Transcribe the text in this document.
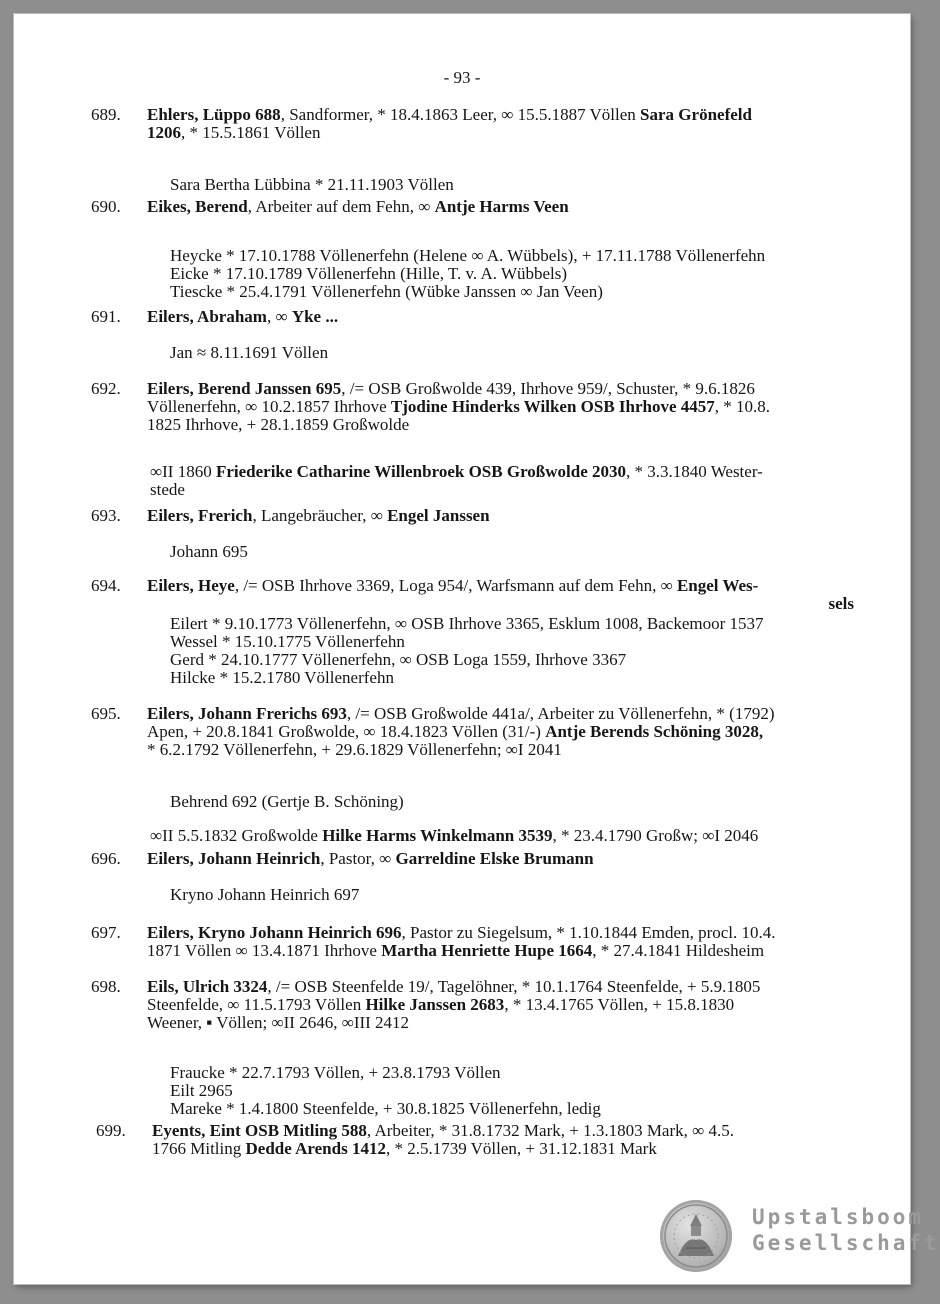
- 93 -
689. Ehlers, Lüppo 688, Sandformer, * 18.4.1863 Leer, ∞ 15.5.1887 Völlen Sara Grönefeld
1206, * 15.5.1861 Völlen
Sara Bertha Lübbina * 21.11.1903 Völlen
690. Eikes, Berend, Arbeiter auf dem Fehn, ∞ Antje Harms Veen
Heycke * 17.10.1788 Völlenerfehn (Helene ∞ A. Wübbels), + 17.11.1788 Völlenerfehn
Eicke * 17.10.1789 Völlenerfehn (Hille, T. v. A. Wübbels)
Tiescke * 25.4.1791 Völlenerfehn (Wübke Janssen ∞ Jan Veen)
691. Eilers, Abraham, ∞ Yke ...
Jan ≈ 8.11.1691 Völlen
692. Eilers, Berend Janssen 695, /= OSB Großwolde 439, Ihrhove 959/, Schuster, * 9.6.1826
Völlenerfehn, ∞ 10.2.1857 Ihrhove Tjodine Hinderks Wilken OSB Ihrhove 4457, * 10.8.
1825 Ihrhove, + 28.1.1859 Großwolde
∞II 1860 Friederike Catharine Willenbroek OSB Großwolde 2030, * 3.3.1840 Wester-
stede
693. Eilers, Frerich, Langebräucher, ∞ Engel Janssen
Johann 695
694. Eilers, Heye, /= OSB Ihrhove 3369, Loga 954/, Warfsmann auf dem Fehn, ∞ Engel Wes-
sels
Eilert * 9.10.1773 Völlenerfehn, ∞ OSB Ihrhove 3365, Esklum 1008, Backemoor 1537
Wessel * 15.10.1775 Völlenerfehn
Gerd * 24.10.1777 Völlenerfehn, ∞ OSB Loga 1559, Ihrhove 3367
Hilcke * 15.2.1780 Völlenerfehn
695. Eilers, Johann Frerichs 693, /= OSB Großwolde 441a/, Arbeiter zu Völlenerfehn, * (1792)
Apen, + 20.8.1841 Großwolde, ∞ 18.4.1823 Völlen (31/-) Antje Berends Schöning 3028,
* 6.2.1792 Völlenerfehn, + 29.6.1829 Völlenerfehn; ∞I 2041
Behrend 692 (Gertje B. Schöning)
∞II 5.5.1832 Großwolde Hilke Harms Winkelmann 3539, * 23.4.1790 Großw; ∞I 2046
696. Eilers, Johann Heinrich, Pastor, ∞ Garreldine Elske Brumann
Kryno Johann Heinrich 697
697. Eilers, Kryno Johann Heinrich 696, Pastor zu Siegelsum, * 1.10.1844 Emden, procl. 10.4.
1871 Völlen ∞ 13.4.1871 Ihrhove Martha Henriette Hupe 1664, * 27.4.1841 Hildesheim
698. Eils, Ulrich 3324, /= OSB Steenfelde 19/, Tagelöhner, * 10.1.1764 Steenfelde, + 5.9.1805
Steenfelde, ∞ 11.5.1793 Völlen Hilke Janssen 2683, * 13.4.1765 Völlen, + 15.8.1830
Weener, ▪ Völlen; ∞II 2646, ∞III 2412
Fraucke * 22.7.1793 Völlen, + 23.8.1793 Völlen
Eilt 2965
Mareke * 1.4.1800 Steenfelde, + 30.8.1825 Völlenerfehn, ledig
699. Eyents, Eint OSB Mitling 588, Arbeiter, * 31.8.1732 Mark, + 1.3.1803 Mark, ∞ 4.5.
1766 Mitling Dedde Arends 1412, * 2.5.1739 Völlen, + 31.12.1831 Mark
Upstalsboom
Gesellschaft
